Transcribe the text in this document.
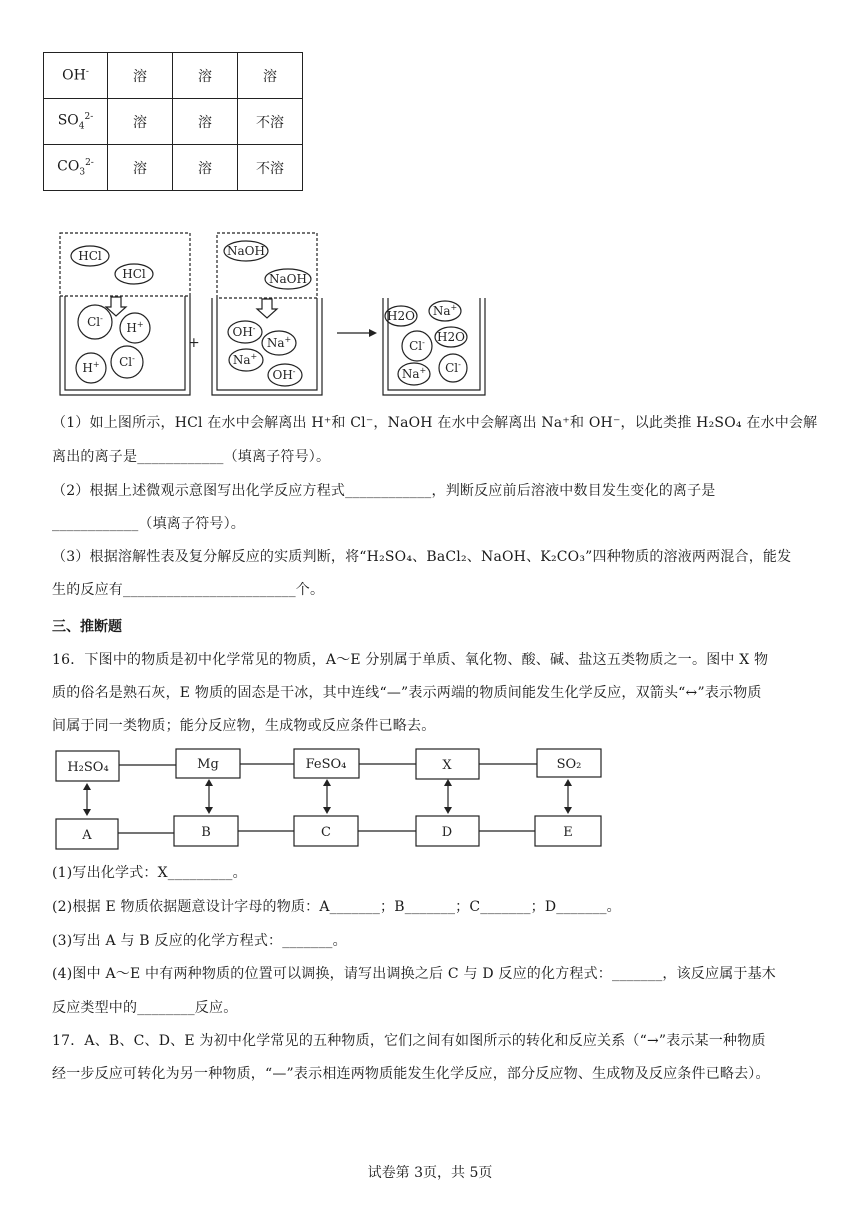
OH-	溶	溶	溶
$SO_4^{2-}$	溶	溶	不溶
$CO_3^{2-}$	溶	溶	不溶
+
HCl
HCl
Cl-
H+
Cl-
H+
NaOH
NaOH
OH-
Na+
Na+
OH-
H2O Na+
Cl- H2O
Na+ Cl-
（1）如上图所示，HCl 在水中会解离出 H⁺和 Cl⁻，NaOH 在水中会解离出 Na⁺和 OH⁻，以此类推 H₂SO₄ 在水中会解
离出的离子是____________（填离子符号）。
（2）根据上述微观示意图写出化学反应方程式____________，判断反应前后溶液中数目发生变化的离子是
____________（填离子符号）。
（3）根据溶解性表及复分解反应的实质判断，将“H₂SO₄、BaCl₂、NaOH、K₂CO₃”四种物质的溶液两两混合，能发
生的反应有________________________个。
三、推断题
16．下图中的物质是初中化学常见的物质，A～E 分别属于单质、氧化物、酸、碱、盐这五类物质之一。图中 X 物
质的俗名是熟石灰，E 物质的固态是干冰，其中连线“—”表示两端的物质间能发生化学反应，双箭头“↔”表示物质
间属于同一类物质；能分反应物，生成物或反应条件已略去。
H₂SO₄	Mg	FeSO₄	X	SO₂
A	B	C	D	E
(1)写出化学式：X_________。
(2)根据 E 物质依据题意设计字母的物质：A_______；B_______；C_______；D_______。
(3)写出 A 与 B 反应的化学方程式：_______。
(4)图中 A～E 中有两种物质的位置可以调换，请写出调换之后 C 与 D 反应的化方程式：_______，该反应属于基木
反应类型中的________反应。
17．A、B、C、D、E 为初中化学常见的五种物质，它们之间有如图所示的转化和反应关系（“→”表示某一种物质
经一步反应可转化为另一种物质，“—”表示相连两物质能发生化学反应，部分反应物、生成物及反应条件已略去）。
试卷第 3页，共 5页
